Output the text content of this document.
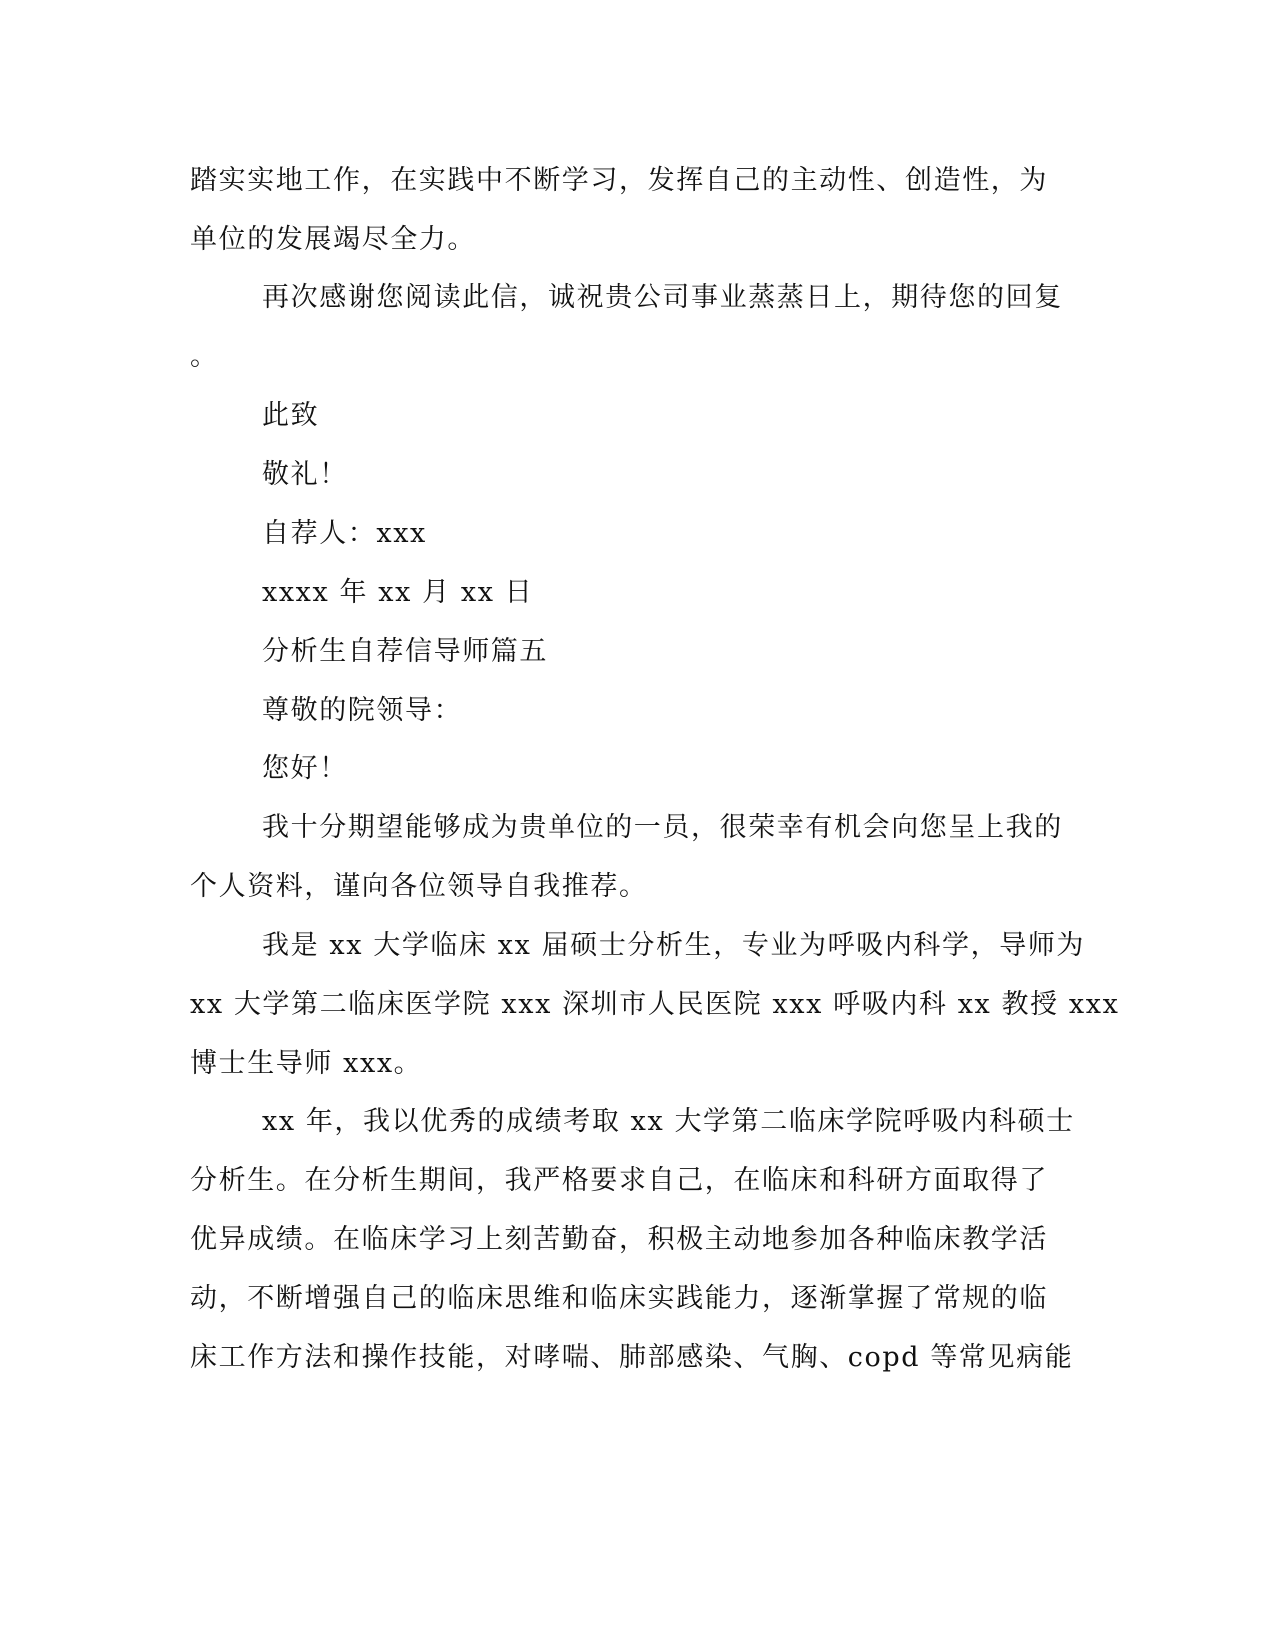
踏实实地工作，在实践中不断学习，发挥自己的主动性、创造性，为
单位的发展竭尽全力。
再次感谢您阅读此信，诚祝贵公司事业蒸蒸日上，期待您的回复
。
此致
敬礼！
自荐人：xxx
xxxx 年 xx 月 xx 日
分析生自荐信导师篇五
尊敬的院领导：
您好！
我十分期望能够成为贵单位的一员，很荣幸有机会向您呈上我的
个人资料，谨向各位领导自我推荐。
我是 xx 大学临床 xx 届硕士分析生，专业为呼吸内科学，导师为
xx 大学第二临床医学院 xxx 深圳市人民医院 xxx 呼吸内科 xx 教授 xxx
博士生导师 xxx。
xx 年，我以优秀的成绩考取 xx 大学第二临床学院呼吸内科硕士
分析生。在分析生期间，我严格要求自己，在临床和科研方面取得了
优异成绩。在临床学习上刻苦勤奋，积极主动地参加各种临床教学活
动，不断增强自己的临床思维和临床实践能力，逐渐掌握了常规的临
床工作方法和操作技能，对哮喘、肺部感染、气胸、copd 等常见病能
